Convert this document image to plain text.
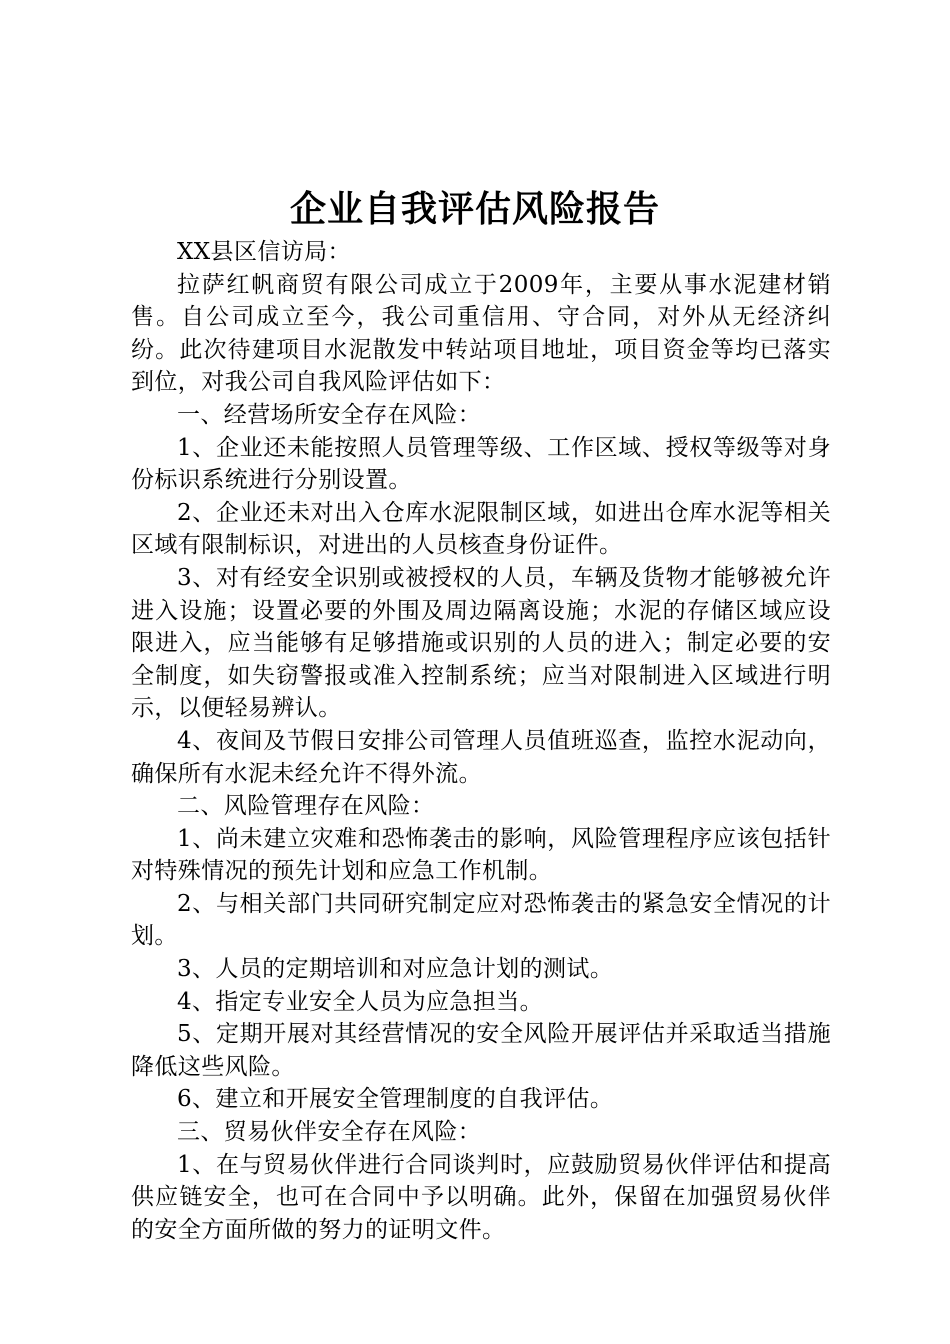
企业自我评估风险报告

XX县区信访局：

拉萨红帆商贸有限公司成立于2009年，主要从事水泥建材销售。自公司成立至今，我公司重信用、守合同，对外从无经济纠纷。此次待建项目水泥散发中转站项目地址，项目资金等均已落实到位，对我公司自我风险评估如下：

一、经营场所安全存在风险：

1、企业还未能按照人员管理等级、工作区域、授权等级等对身份标识系统进行分别设置。

2、企业还未对出入仓库水泥限制区域，如进出仓库水泥等相关区域有限制标识，对进出的人员核查身份证件。

3、对有经安全识别或被授权的人员，车辆及货物才能够被允许进入设施；设置必要的外围及周边隔离设施；水泥的存储区域应设限进入，应当能够有足够措施或识别的人员的进入；制定必要的安全制度，如失窃警报或准入控制系统；应当对限制进入区域进行明示，以便轻易辨认。

4、夜间及节假日安排公司管理人员值班巡查，监控水泥动向，确保所有水泥未经允许不得外流。

二、风险管理存在风险：

1、尚未建立灾难和恐怖袭击的影响，风险管理程序应该包括针对特殊情况的预先计划和应急工作机制。

2、与相关部门共同研究制定应对恐怖袭击的紧急安全情况的计划。

3、人员的定期培训和对应急计划的测试。

4、指定专业安全人员为应急担当。

5、定期开展对其经营情况的安全风险开展评估并采取适当措施降低这些风险。

6、建立和开展安全管理制度的自我评估。

三、贸易伙伴安全存在风险：

1、在与贸易伙伴进行合同谈判时，应鼓励贸易伙伴评估和提高供应链安全，也可在合同中予以明确。此外，保留在加强贸易伙伴的安全方面所做的努力的证明文件。
